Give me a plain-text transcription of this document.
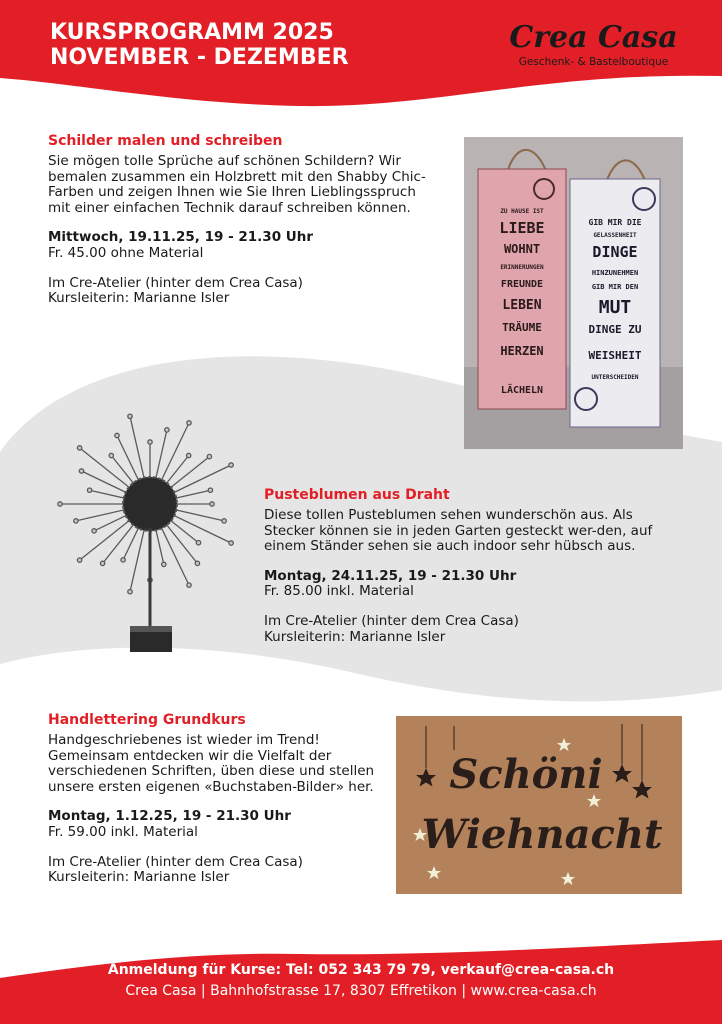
KURSPROGRAMM 2025
NOVEMBER - DEZEMBER
Crea Casa
Geschenk- & Bastelboutique
Schilder malen und schreiben

Sie mögen tolle Sprüche auf schönen Schildern? Wir bemalen zusammen ein Holzbrett mit den Shabby Chic-Farben und zeigen Ihnen wie Sie Ihren Lieblingsspruch mit einer einfachen Technik darauf schreiben können.

Mittwoch, 19.11.25, 19 - 21.30 Uhr

Fr. 45.00 ohne Material

Im Cre-Atelier (hinter dem Crea Casa)

Kursleiterin: Marianne Isler

ZU HAUSE IST
LIEBE
WOHNT
ERINNERUNGEN
FREUNDE
LEBEN
TRÄUME
HERZEN
LÄCHELN
GIB MIR DIE
GELASSENHEIT
DINGE
HINZUNEHMEN
GIB MIR DEN
MUT
DINGE ZU
WEISHEIT
UNTERSCHEIDEN
Pusteblumen aus Draht

Diese tollen Pusteblumen sehen wunderschön aus. Als Stecker können sie in jeden Garten gesteckt wer-den, auf einem Ständer sehen sie auch indoor sehr hübsch aus.

Montag, 24.11.25, 19 - 21.30 Uhr

Fr. 85.00 inkl. Material

Im Cre-Atelier (hinter dem Crea Casa)

Kursleiterin: Marianne Isler

Handlettering Grundkurs

Handgeschriebenes ist wieder im Trend! Gemeinsam entdecken wir die Vielfalt der verschiedenen Schriften, üben diese und stellen unsere ersten eigenen «Buchstaben-Bilder» her.

Montag, 1.12.25, 19 - 21.30 Uhr

Fr. 59.00 inkl. Material

Im Cre-Atelier (hinter dem Crea Casa)

Kursleiterin: Marianne Isler

Schöni
Wiehnacht
Anmeldung für Kurse: Tel: 052 343 79 79, verkauf@crea-casa.ch
Crea Casa | Bahnhofstrasse 17, 8307 Effretikon | www.crea-casa.ch
